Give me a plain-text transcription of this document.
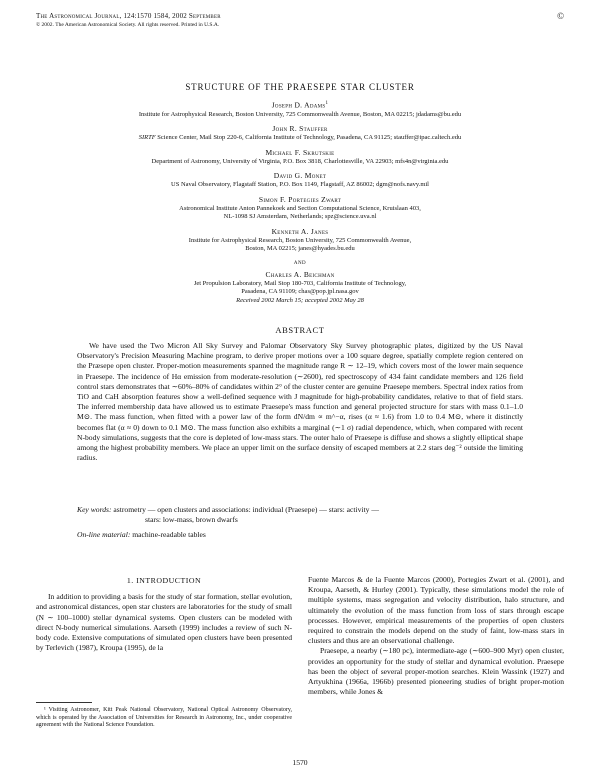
The Astronomical Journal, 124:1570 1584, 2002 September
© 2002. The American Astronomical Society. All rights reserved. Printed in U.S.A.
©
STRUCTURE OF THE PRAESEPE STAR CLUSTER
Joseph D. Adams$^1$
Institute for Astrophysical Research, Boston University, 725 Commonwealth Avenue, Boston, MA 02215; jdadams@bu.edu
John R. Stauffer
SIRTF Science Center, Mail Stop 220-6, California Institute of Technology, Pasadena, CA 91125; stauffer@ipac.caltech.edu
Michael F. Skrutskie
Department of Astronomy, University of Virginia, P.O. Box 3818, Charlottesville, VA 22903; mfs4n@virginia.edu
David G. Monet
US Naval Observatory, Flagstaff Station, P.O. Box 1149, Flagstaff, AZ 86002; dgm@nofs.navy.mil
Simon F. Portegies Zwart
Astronomical Institute Anton Pannekoek and Section Computational Science, Kruislaan 403,
NL-1098 SJ Amsterdam, Netherlands; spz@science.uva.nl
Kenneth A. Janes
Institute for Astrophysical Research, Boston University, 725 Commonwealth Avenue,
Boston, MA 02215; janes@hyades.bu.edu
and
Charles A. Beichman
Jet Propulsion Laboratory, Mail Stop 180-703, California Institute of Technology,
Pasadena, CA 91109; chas@pop.jpl.nasa.gov
Received 2002 March 15; accepted 2002 May 28
ABSTRACT
We have used the Two Micron All Sky Survey and Palomar Observatory Sky Survey photographic plates, digitized by the US Naval Observatory's Precision Measuring Machine program, to derive proper motions over a 100 square degree, spatially complete region centered on the Præsepe open cluster. Proper-motion measurements spanned the magnitude range R ∼ 12–19, which covers most of the lower main sequence in Praesepe. The incidence of Hα emission from moderate-resolution (∼2600), red spectroscopy of 434 faint candidate members and 126 field control stars demonstrates that ∼60%–80% of candidates within 2° of the cluster center are genuine Praesepe members. Spectral index ratios from TiO and CaH absorption features show a well-defined sequence with J magnitude for high-probability candidates, relative to that of field stars. The inferred membership data have allowed us to estimate Praesepe's mass function and general projected structure for stars with mass 0.1–1.0 M⊙. The mass function, when fitted with a power law of the form dN/dm ∝ m^−α, rises (α ≈ 1.6) from 1.0 to 0.4 M⊙, where it distinctly becomes flat (α ≈ 0) down to 0.1 M⊙. The mass function also exhibits a marginal (∼1 σ) radial dependence, which, when compared with recent N-body simulations, suggests that the core is depleted of low-mass stars. The outer halo of Praesepe is diffuse and shows a slightly elliptical shape among the highest probability members. We place an upper limit on the surface density of escaped members at 2.2 stars deg⁻² outside the limiting radius.
Key words: astrometry — open clusters and associations: individual (Praesepe) — stars: activity —
stars: low-mass, brown dwarfs
On-line material: machine-readable tables
1. INTRODUCTION

In addition to providing a basis for the study of star formation, stellar evolution, and astronomical distances, open star clusters are laboratories for the study of small (N ∼ 100–1000) stellar dynamical systems. Open clusters can be modeled with direct N-body numerical simulations. Aarseth (1999) includes a review of such N-body code. Extensive computations of simulated open clusters have been presented by Terlevich (1987), Kroupa (1995), de la

Fuente Marcos & de la Fuente Marcos (2000), Portegies Zwart et al. (2001), and Kroupa, Aarseth, & Hurley (2001). Typically, these simulations model the role of multiple systems, mass segregation and velocity distribution, halo structure, and ultimately the evolution of the mass function from loss of stars through escape processes. However, empirical measurements of the properties of open clusters required to constrain the models depend on the study of faint, low-mass stars in clusters and thus are an observational challenge.

Praesepe, a nearby (∼180 pc), intermediate-age (∼600–900 Myr) open cluster, provides an opportunity for the study of stellar and dynamical evolution. Praesepe has been the object of several proper-motion searches. Klein Wassink (1927) and Artyukhina (1966a, 1966b) presented pioneering studies of bright proper-motion members, while Jones &

¹ Visiting Astronomer, Kitt Peak National Observatory, National Optical Astronomy Observatory, which is operated by the Association of Universities for Research in Astronomy, Inc., under cooperative agreement with the National Science Foundation.
1570
